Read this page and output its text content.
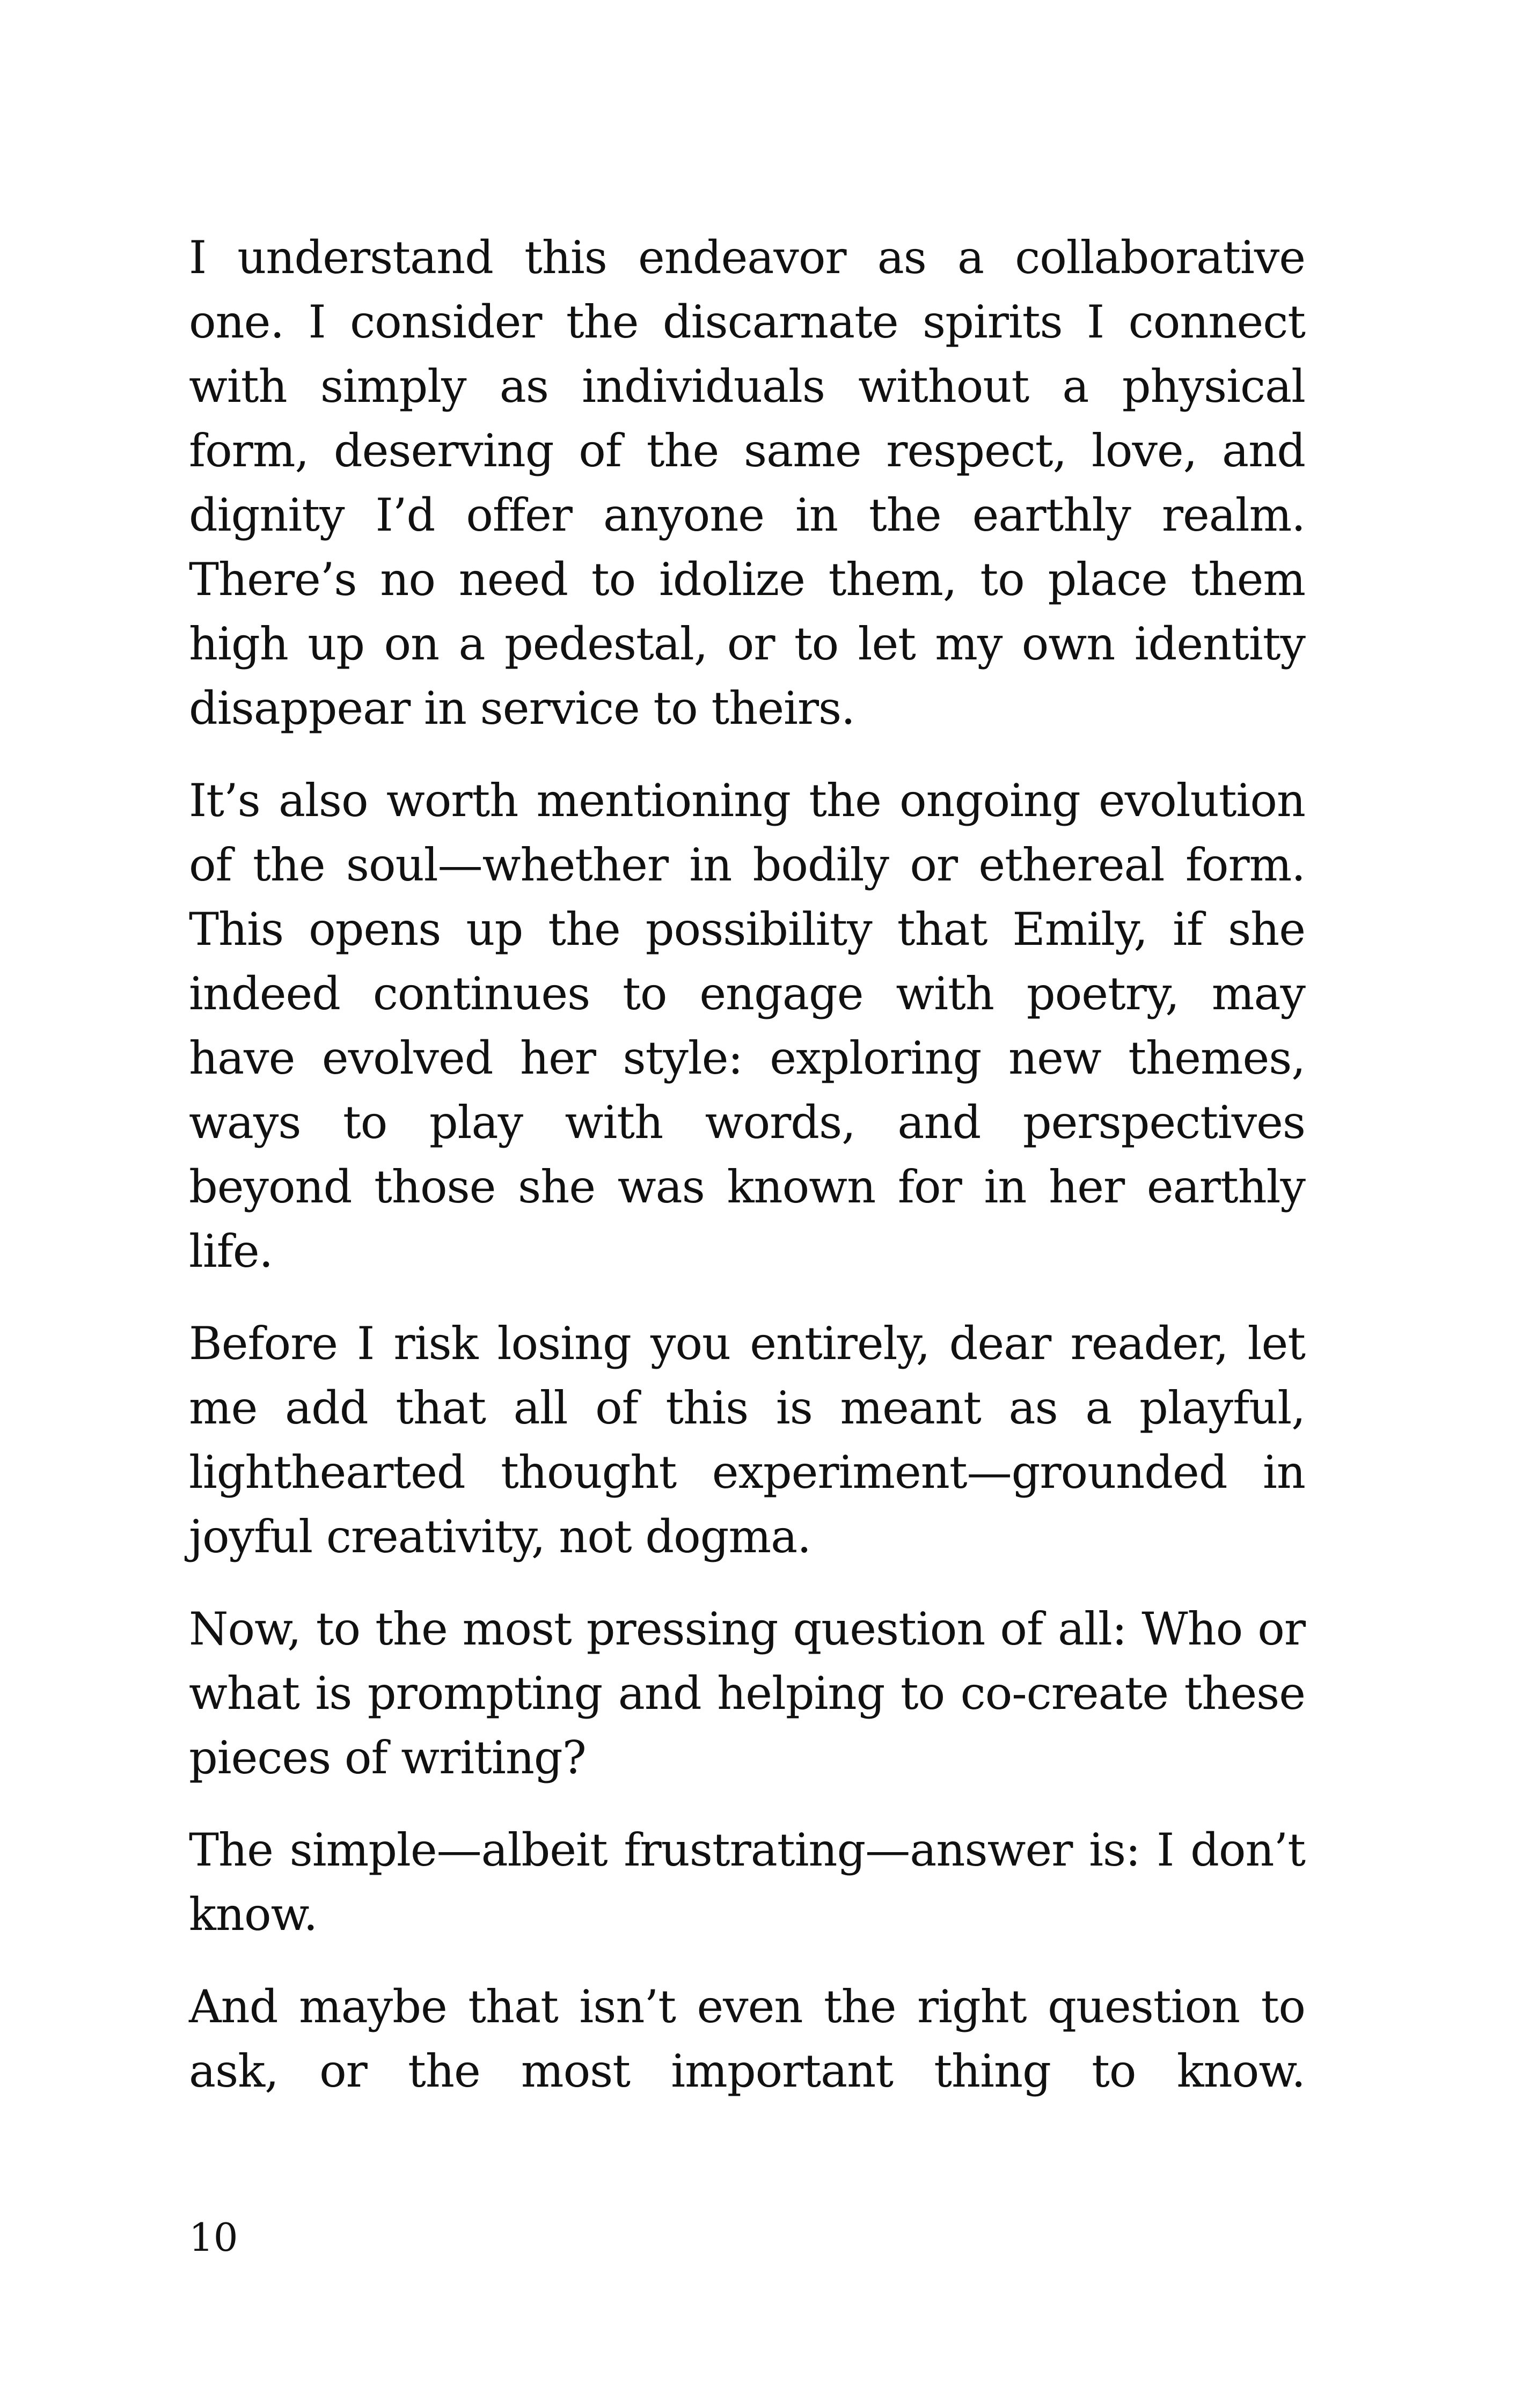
I understand this endeavor as a collaborative one. I consider the discarnate spirits I connect with simply as individuals without a physical form, deserving of the same respect, love, and dignity I’d offer anyone in the earthly realm. There’s no need to idolize them, to place them high up on a pedestal, or to let my own identity disappear in service to theirs.

It’s also worth mentioning the ongoing evolution of the soul—whether in bodily or ethereal form. This opens up the possibility that Emily, if she indeed continues to engage with poetry, may have evolved her style: exploring new themes, ways to play with words, and perspectives beyond those she was known for in her earthly life.

Before I risk losing you entirely, dear reader, let me add that all of this is meant as a playful, lighthearted thought experiment—grounded in joyful creativity, not dogma.

Now, to the most pressing question of all: Who or what is prompting and helping to co-create these pieces of writing?

The simple—albeit frustrating—answer is: I don’t know.

And maybe that isn’t even the right question to ask, or the most important thing to know.

10
